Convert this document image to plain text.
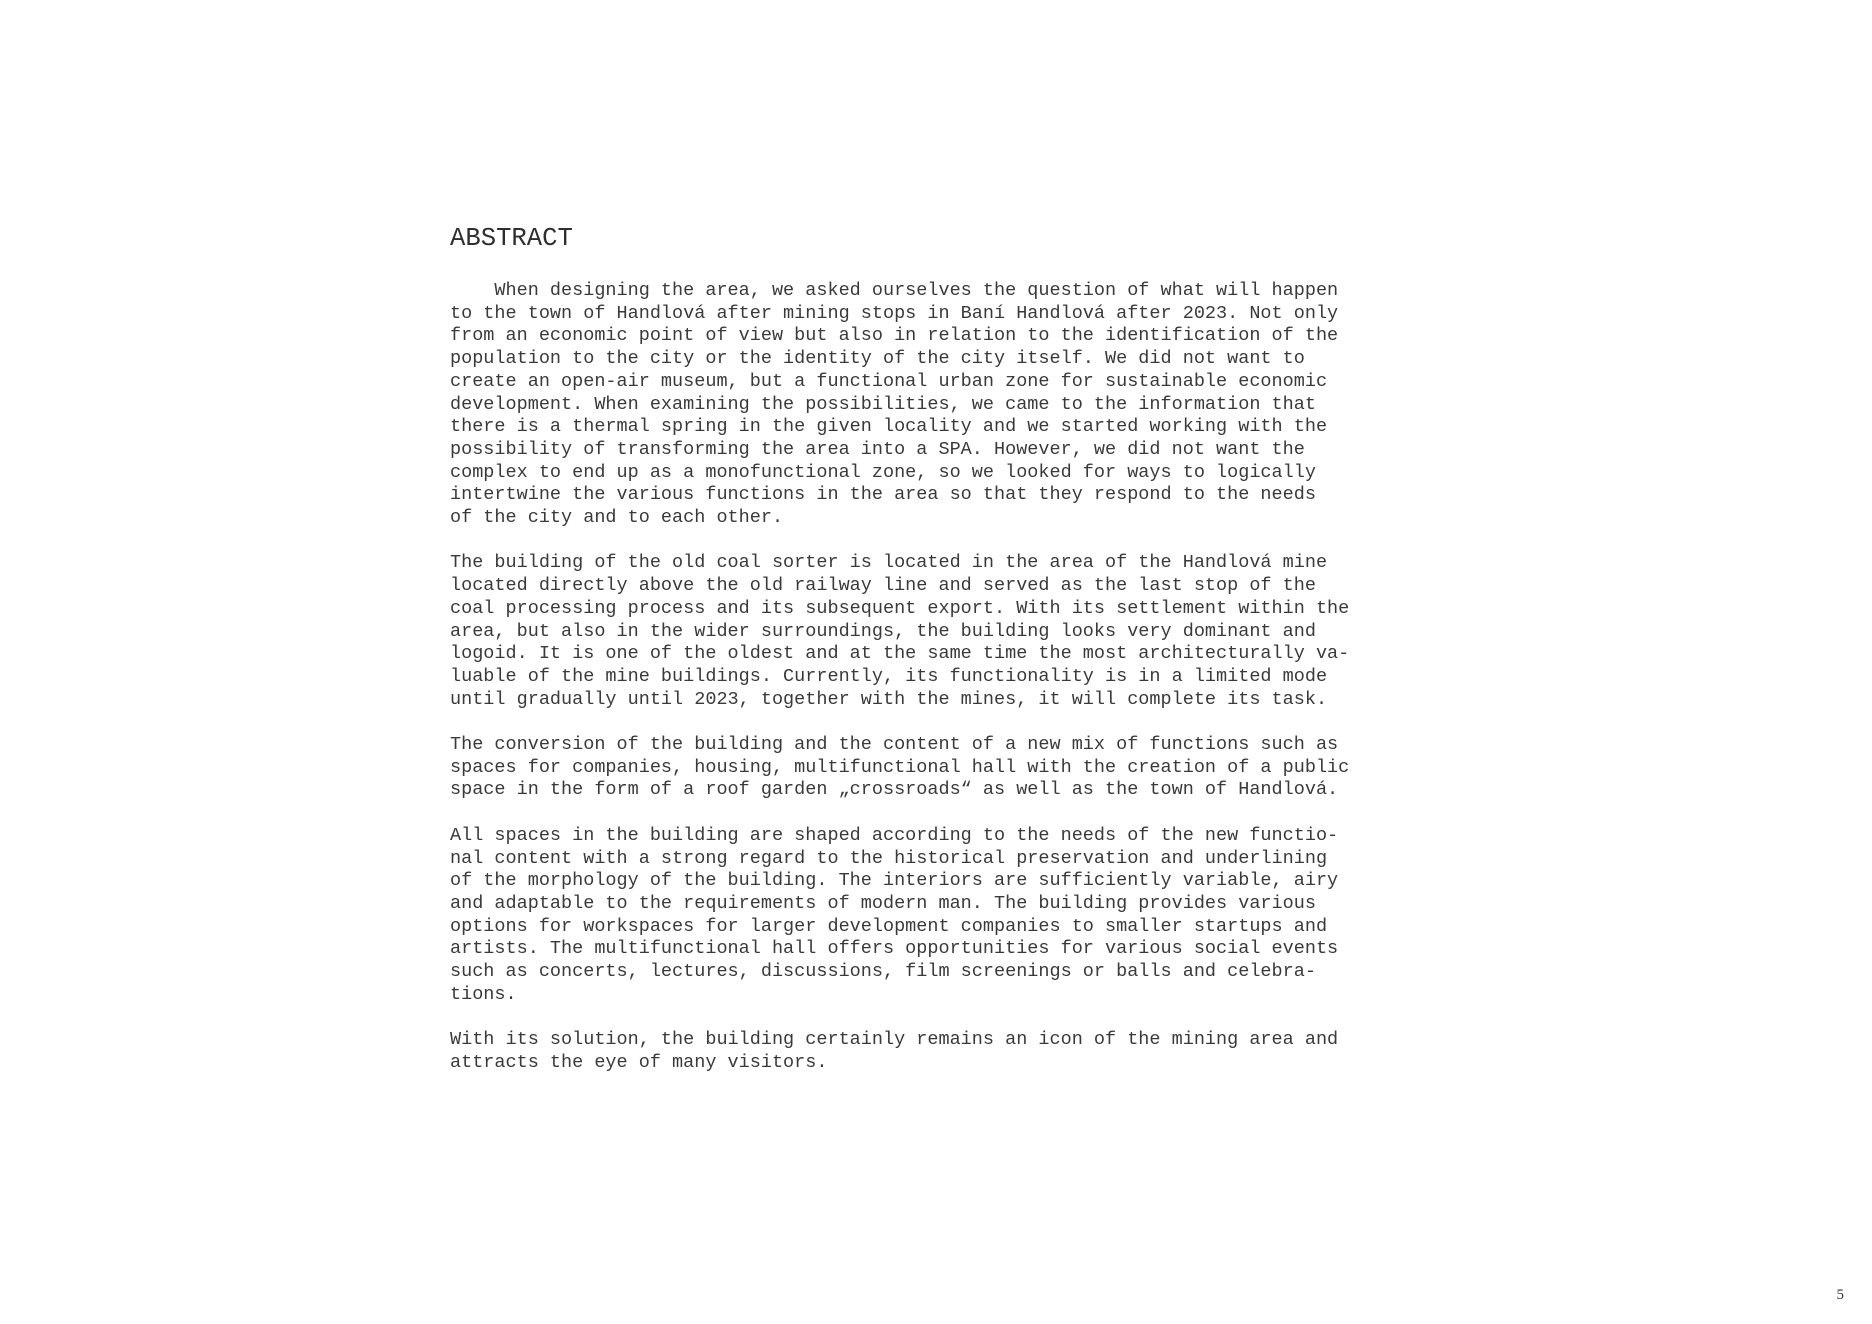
ABSTRACT

When designing the area, we asked ourselves the question of what will happen
to the town of Handlová after mining stops in Baní Handlová after 2023. Not only
from an economic point of view but also in relation to the identification of the
population to the city or the identity of the city itself. We did not want to
create an open-air museum, but a functional urban zone for sustainable economic
development. When examining the possibilities, we came to the information that
there is a thermal spring in the given locality and we started working with the
possibility of transforming the area into a SPA. However, we did not want the
complex to end up as a monofunctional zone, so we looked for ways to logically
intertwine the various functions in the area so that they respond to the needs
of the city and to each other.

The building of the old coal sorter is located in the area of the Handlová mine
located directly above the old railway line and served as the last stop of the
coal processing process and its subsequent export. With its settlement within the
area, but also in the wider surroundings, the building looks very dominant and
logoid. It is one of the oldest and at the same time the most architecturally va-
luable of the mine buildings. Currently, its functionality is in a limited mode
until gradually until 2023, together with the mines, it will complete its task.

The conversion of the building and the content of a new mix of functions such as
spaces for companies, housing, multifunctional hall with the creation of a public
space in the form of a roof garden „crossroads“ as well as the town of Handlová.

All spaces in the building are shaped according to the needs of the new functio-
nal content with a strong regard to the historical preservation and underlining
of the morphology of the building. The interiors are sufficiently variable, airy
and adaptable to the requirements of modern man. The building provides various
options for workspaces for larger development companies to smaller startups and
artists. The multifunctional hall offers opportunities for various social events
such as concerts, lectures, discussions, film screenings or balls and celebra-
tions.

With its solution, the building certainly remains an icon of the mining area and
attracts the eye of many visitors.

5
